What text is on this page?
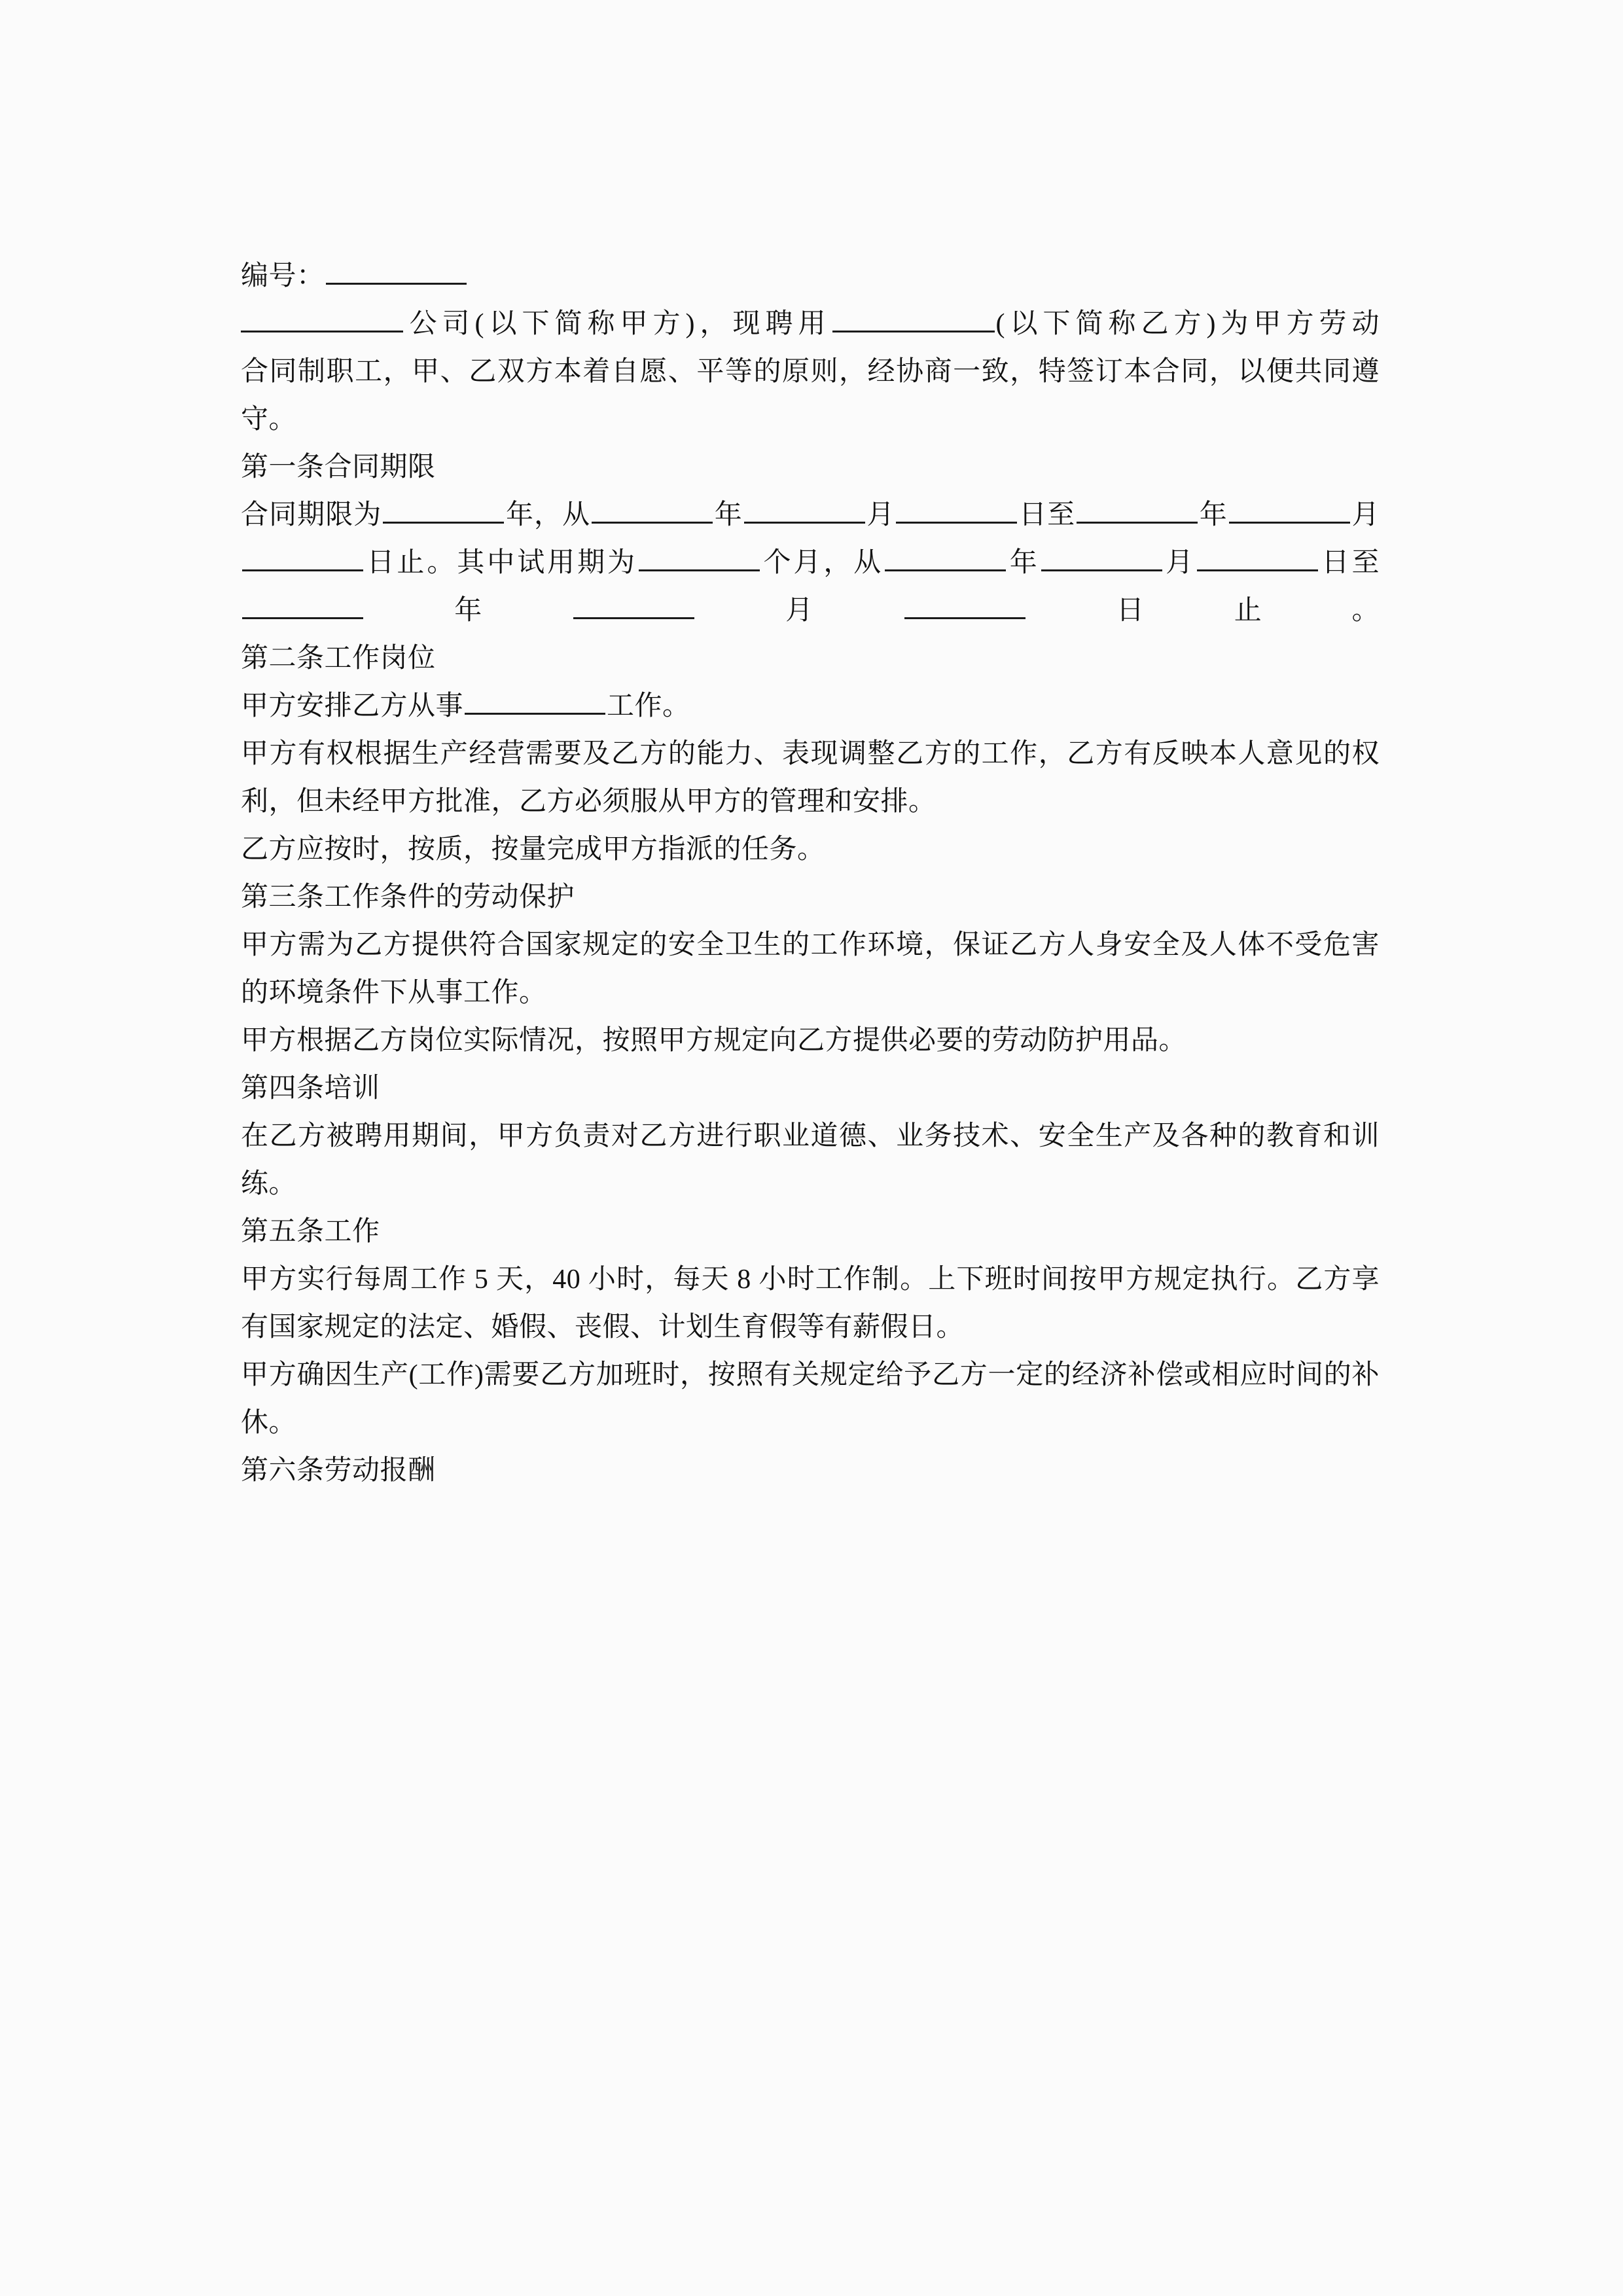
编号：

公司(以下简称甲方)，现聘用	(以下简称乙方)为甲方劳动

合同制职工，甲、乙双方本着自愿、平等的原则，经协商一致，特签订本合同，以便共同遵守。

第一条合同期限

合同期限为	年，从	年	月	日至	年	月日止。其中试用期为	个月，从	年	月	日至年	月	日止。

第二条工作岗位

甲方安排乙方从事	工作。

甲方有权根据生产经营需要及乙方的能力、表现调整乙方的工作，乙方有反映本人意见的权利，但未经甲方批准，乙方必须服从甲方的管理和安排。

乙方应按时，按质，按量完成甲方指派的任务。

第三条工作条件的劳动保护

甲方需为乙方提供符合国家规定的安全卫生的工作环境，保证乙方人身安全及人体不受危害的环境条件下从事工作。

甲方根据乙方岗位实际情况，按照甲方规定向乙方提供必要的劳动防护用品。

第四条培训

在乙方被聘用期间，甲方负责对乙方进行职业道德、业务技术、安全生产及各种的教育和训练。

第五条工作

甲方实行每周工作 5 天，40 小时，每天 8 小时工作制。上下班时间按甲方规定执行。乙方享有国家规定的法定、婚假、丧假、计划生育假等有薪假日。

甲方确因生产(工作)需要乙方加班时，按照有关规定给予乙方一定的经济补偿或相应时间的补休。

第六条劳动报酬
